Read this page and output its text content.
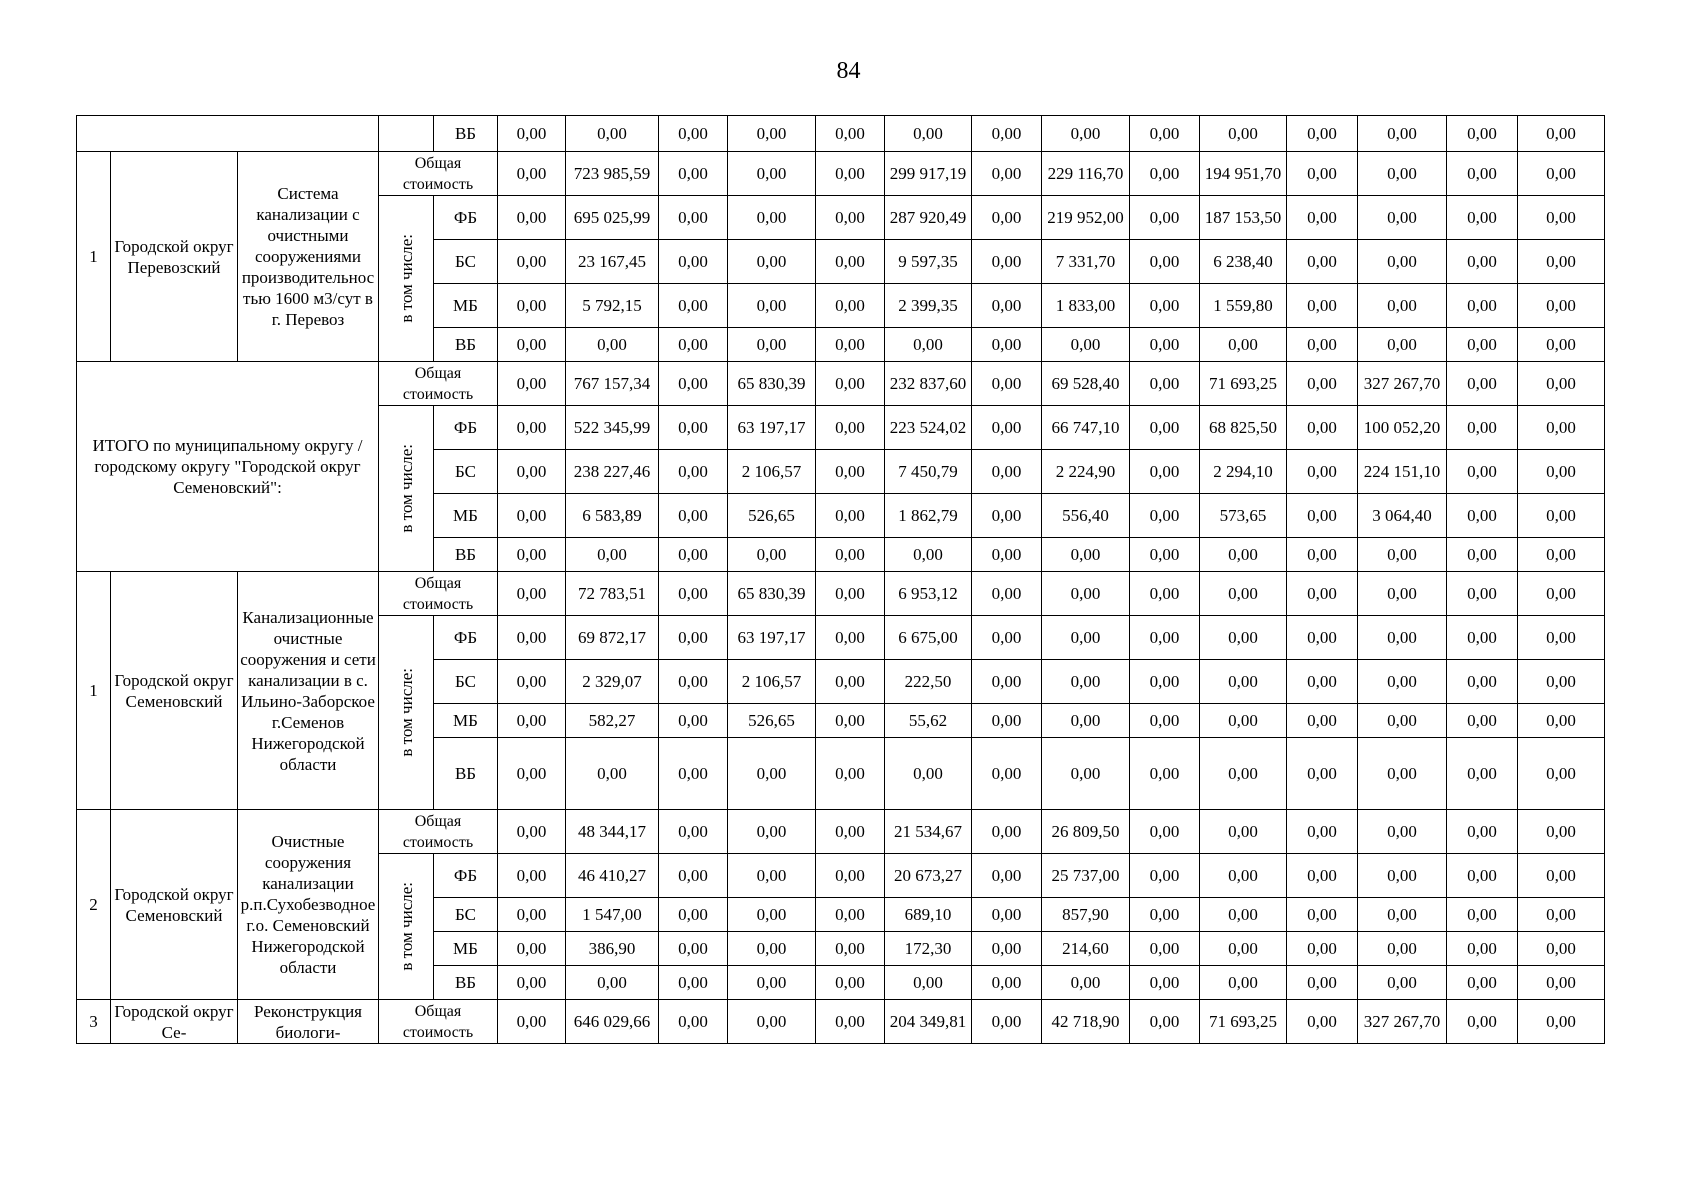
84
				ВБ	0,00	0,00	0,00	0,00	0,00	0,00	0,00	0,00	0,00	0,00	0,00	0,00	0,00	0,00
1	Городской округ Перевозский	Система канализации с очистными сооружениями производительностью 1600 м3/сут в г. Перевоз	Общая стоимость		0,00	723 985,59	0,00	0,00	0,00	299 917,19	0,00	229 116,70	0,00	194 951,70	0,00	0,00	0,00	0,00

			в том числе:	ФБ	0,00	695 025,99	0,00	0,00	0,00	287 920,49	0,00	219 952,00	0,00	187 153,50	0,00	0,00	0,00	0,00
				БС	0,00	23 167,45	0,00	0,00	0,00	9 597,35	0,00	7 331,70	0,00	6 238,40	0,00	0,00	0,00	0,00
				МБ	0,00	5 792,15	0,00	0,00	0,00	2 399,35	0,00	1 833,00	0,00	1 559,80	0,00	0,00	0,00	0,00
				ВБ	0,00	0,00	0,00	0,00	0,00	0,00	0,00	0,00	0,00	0,00	0,00	0,00	0,00	0,00
ИТОГО по муниципальному округу / городскому округу "Городской округ Семеновский":			Общая стоимость		0,00	767 157,34	0,00	65 830,39	0,00	232 837,60	0,00	69 528,40	0,00	71 693,25	0,00	327 267,70	0,00	0,00

			в том числе:	ФБ	0,00	522 345,99	0,00	63 197,17	0,00	223 524,02	0,00	66 747,10	0,00	68 825,50	0,00	100 052,20	0,00	0,00
				БС	0,00	238 227,46	0,00	2 106,57	0,00	7 450,79	0,00	2 224,90	0,00	2 294,10	0,00	224 151,10	0,00	0,00
				МБ	0,00	6 583,89	0,00	526,65	0,00	1 862,79	0,00	556,40	0,00	573,65	0,00	3 064,40	0,00	0,00
				ВБ	0,00	0,00	0,00	0,00	0,00	0,00	0,00	0,00	0,00	0,00	0,00	0,00	0,00	0,00
1	Городской округ Семеновский	Канализационные очистные сооружения и сети канализации в с. Ильино-Заборское г.Семенов Нижегородской области	Общая стоимость		0,00	72 783,51	0,00	65 830,39	0,00	6 953,12	0,00	0,00	0,00	0,00	0,00	0,00	0,00	0,00

			в том числе:	ФБ	0,00	69 872,17	0,00	63 197,17	0,00	6 675,00	0,00	0,00	0,00	0,00	0,00	0,00	0,00	0,00
				БС	0,00	2 329,07	0,00	2 106,57	0,00	222,50	0,00	0,00	0,00	0,00	0,00	0,00	0,00	0,00
				МБ	0,00	582,27	0,00	526,65	0,00	55,62	0,00	0,00	0,00	0,00	0,00	0,00	0,00	0,00
				ВБ	0,00	0,00	0,00	0,00	0,00	0,00	0,00	0,00	0,00	0,00	0,00	0,00	0,00	0,00
2	Городской округ Семеновский	Очистные сооружения канализации р.п.Сухобезводное г.о. Семеновский Нижегородской области	Общая стоимость		0,00	48 344,17	0,00	0,00	0,00	21 534,67	0,00	26 809,50	0,00	0,00	0,00	0,00	0,00	0,00

			в том числе:	ФБ	0,00	46 410,27	0,00	0,00	0,00	20 673,27	0,00	25 737,00	0,00	0,00	0,00	0,00	0,00	0,00
				БС	0,00	1 547,00	0,00	0,00	0,00	689,10	0,00	857,90	0,00	0,00	0,00	0,00	0,00	0,00
				МБ	0,00	386,90	0,00	0,00	0,00	172,30	0,00	214,60	0,00	0,00	0,00	0,00	0,00	0,00
				ВБ	0,00	0,00	0,00	0,00	0,00	0,00	0,00	0,00	0,00	0,00	0,00	0,00	0,00	0,00
3	Городской округ Се-	Реконструкция биологи-	Общая стоимость		0,00	646 029,66	0,00	0,00	0,00	204 349,81	0,00	42 718,90	0,00	71 693,25	0,00	327 267,70	0,00	0,00
